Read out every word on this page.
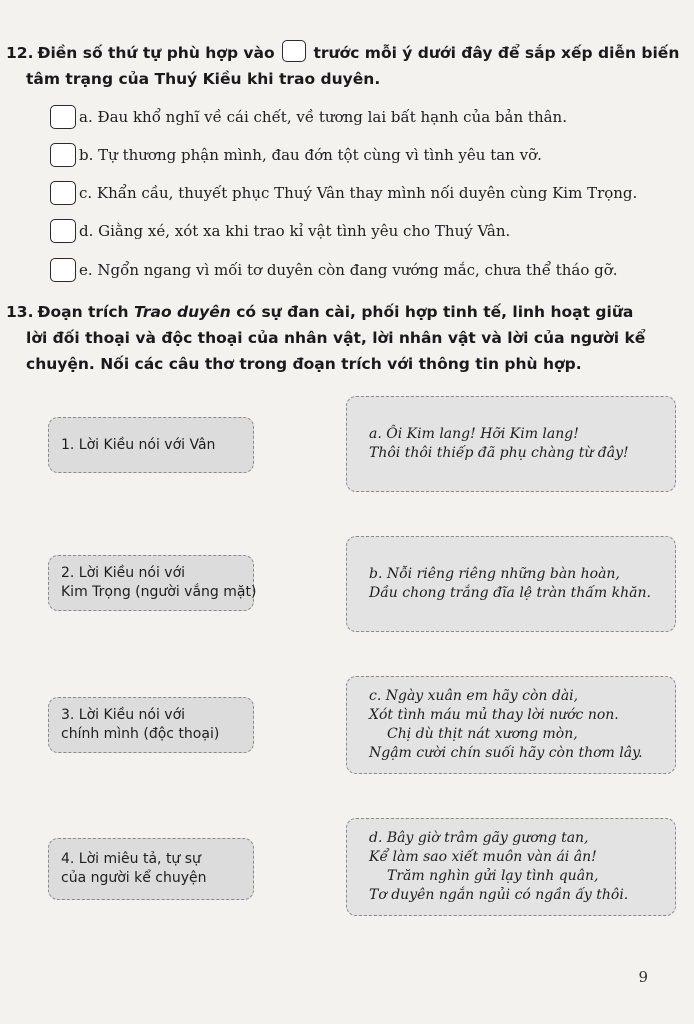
12. Điền số thứ tự phù hợp vào	trước mỗi ý dưới đây để sắp xếp diễn biến
tâm trạng của Thuý Kiều khi trao duyên.
a. Đau khổ nghĩ về cái chết, về tương lai bất hạnh của bản thân.
b. Tự thương phận mình, đau đớn tột cùng vì tình yêu tan vỡ.
c. Khẩn cầu, thuyết phục Thuý Vân thay mình nối duyên cùng Kim Trọng.
d. Giằng xé, xót xa khi trao kỉ vật tình yêu cho Thuý Vân.
e. Ngổn ngang vì mối tơ duyên còn đang vướng mắc, chưa thể tháo gỡ.
13. Đoạn trích Trao duyên có sự đan cài, phối hợp tinh tế, linh hoạt giữa
lời đối thoại và độc thoại của nhân vật, lời nhân vật và lời của người kể
chuyện. Nối các câu thơ trong đoạn trích với thông tin phù hợp.
1. Lời Kiều nói với Vân
2. Lời Kiều nói với
Kim Trọng (người vắng mặt)
3. Lời Kiều nói với
chính mình (độc thoại)
4. Lời miêu tả, tự sự
của người kể chuyện
a. Ôi Kim lang! Hỡi Kim lang!
Thôi thôi thiếp đã phụ chàng từ đây!
b. Nỗi riêng riêng những bàn hoàn,
Dầu chong trắng đĩa lệ tràn thấm khăn.
c. Ngày xuân em hãy còn dài,
Xót tình máu mủ thay lời nước non.
Chị dù thịt nát xương mòn,
Ngậm cười chín suối hãy còn thơm lây.
d. Bây giờ trâm gãy gương tan,
Kể làm sao xiết muôn vàn ái ân!
Trăm nghìn gửi lạy tình quân,
Tơ duyên ngắn ngủi có ngần ấy thôi.
9
